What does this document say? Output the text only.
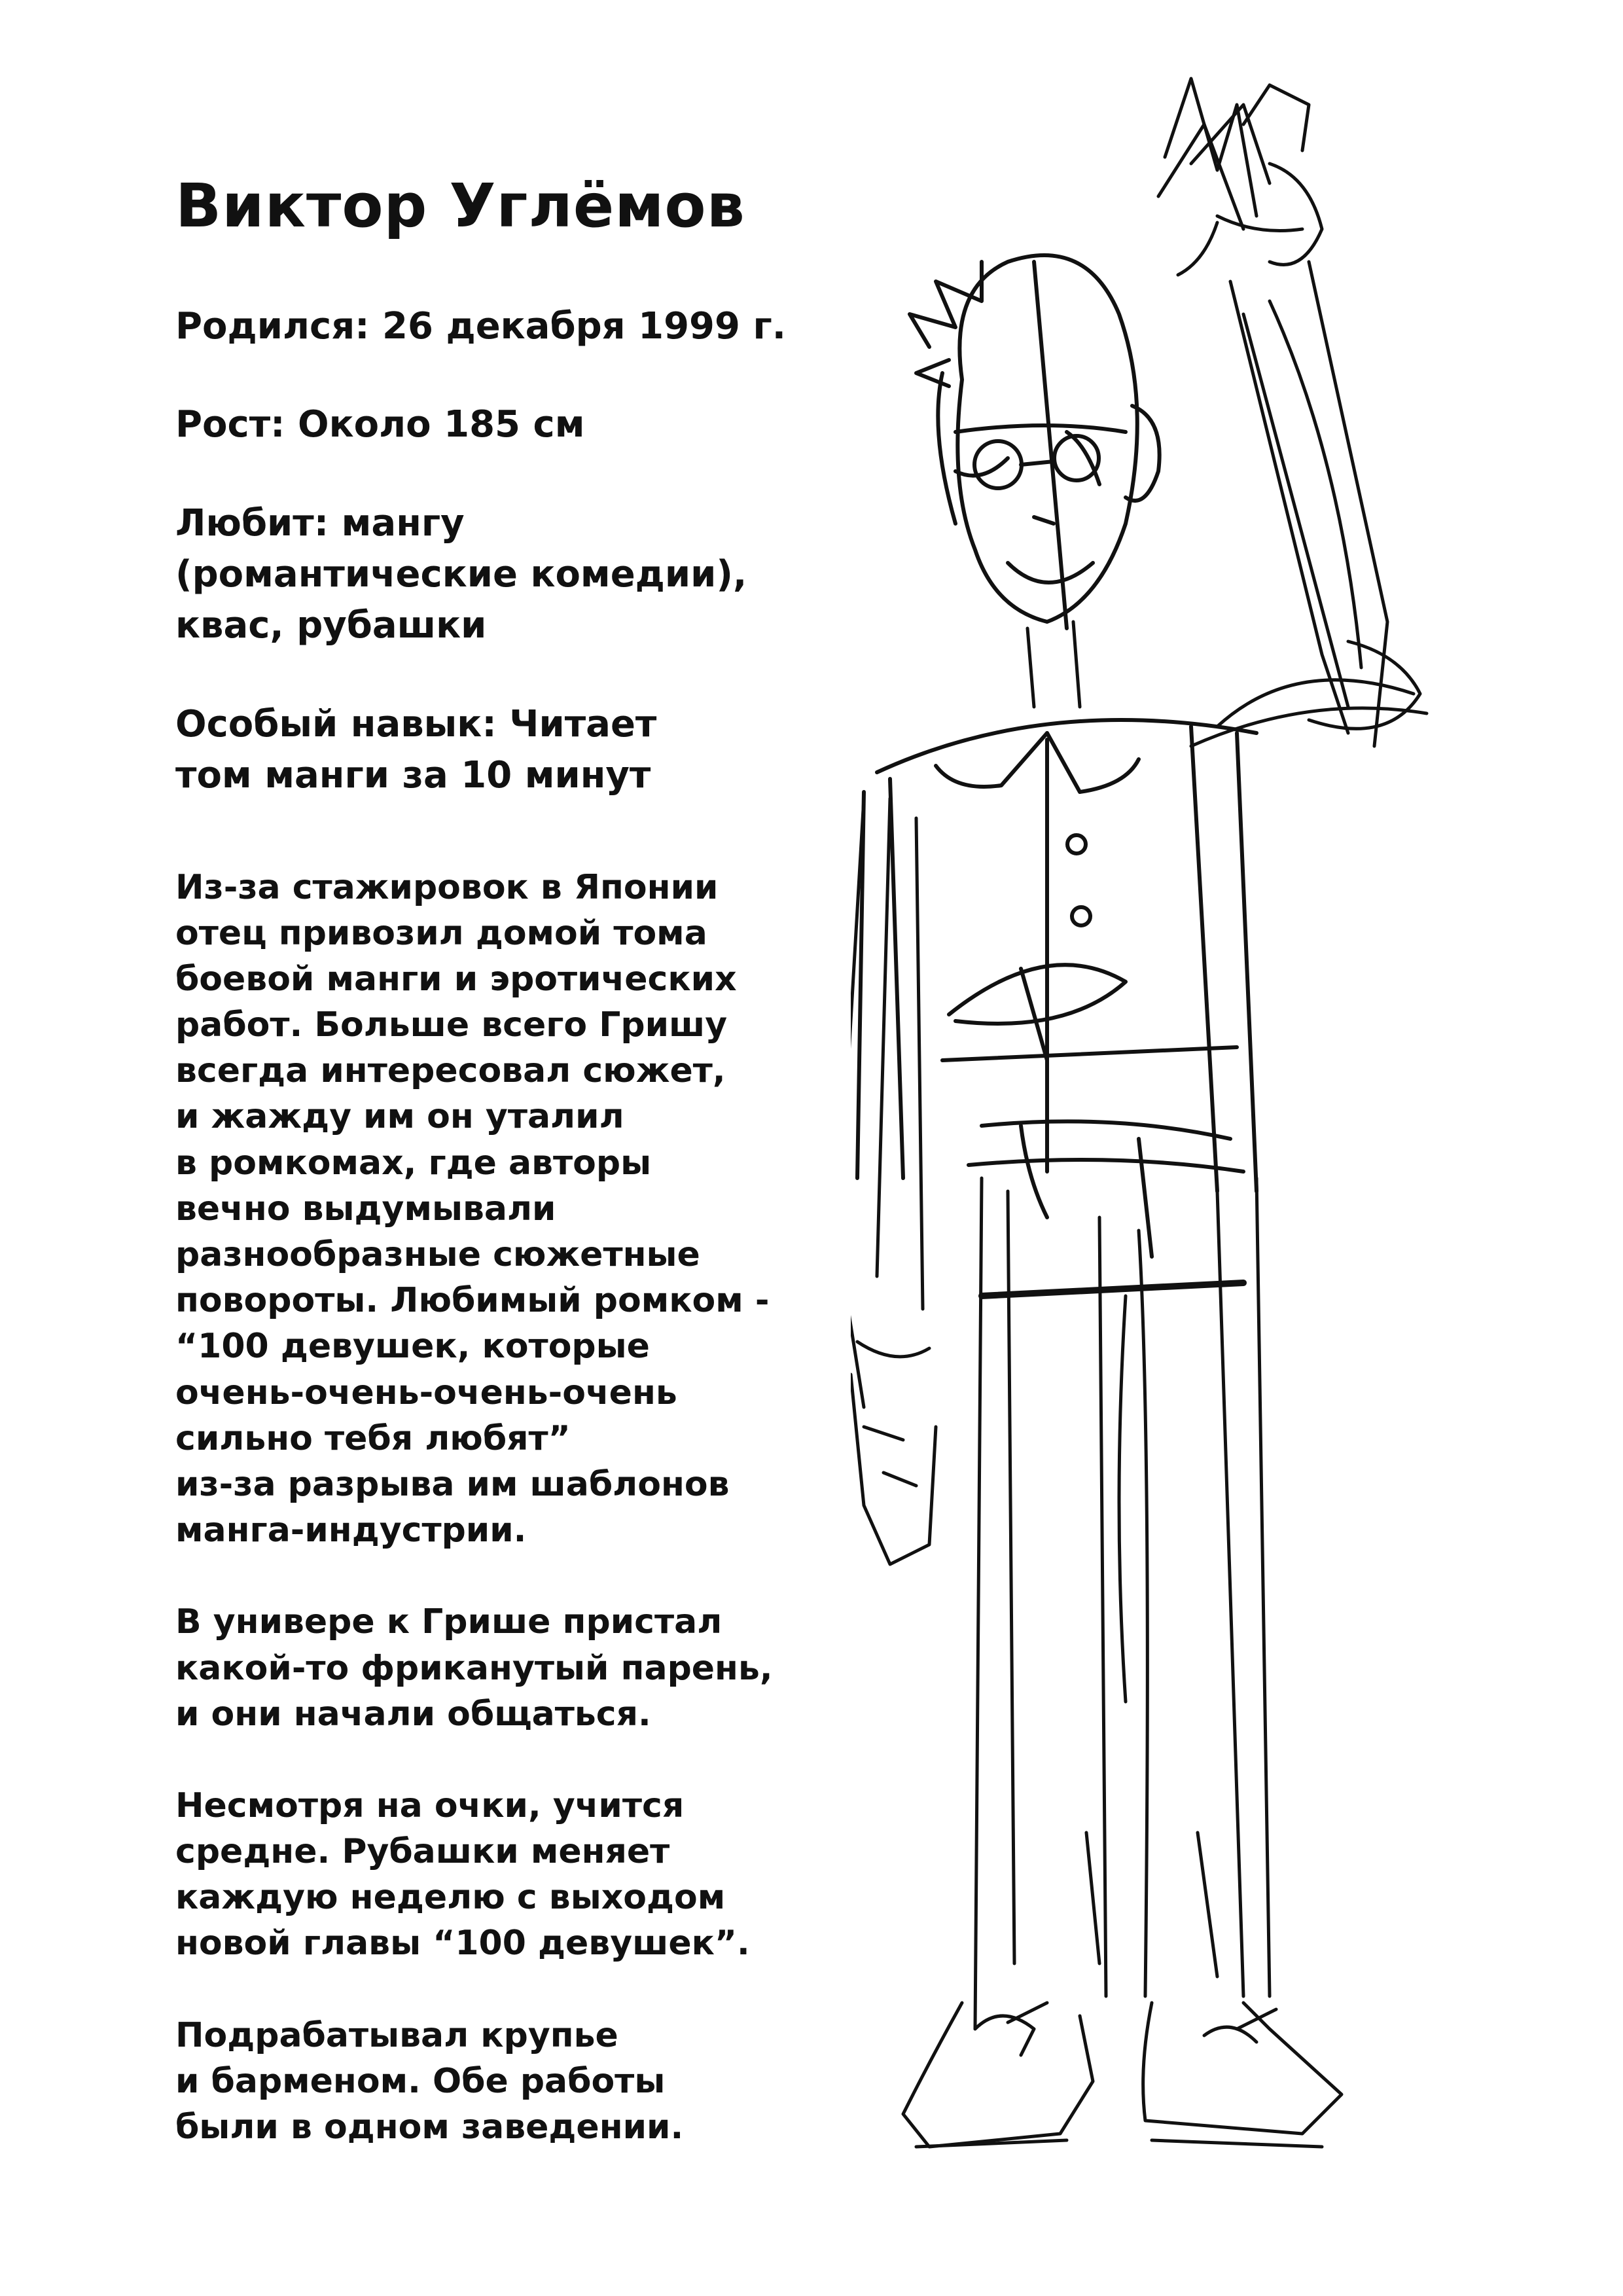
Виктор Углёмов
Родился: 26 декабря 1999 г.
Рост: Около 185 см
Любит: мангу
(романтические комедии),
квас, рубашки
Особый навык: Читает
том манги за 10 минут
Из-за стажировок в Японии
отец привозил домой тома
боевой манги и эротических
работ. Больше всего Гришу
всегда интересовал сюжет,
и жажду им он уталил
в ромкомах, где авторы
вечно выдумывали
разнообразные сюжетные
повороты. Любимый ромком -
“100 девушек, которые
очень-очень-очень-очень
сильно тебя любят”
из-за разрыва им шаблонов
манга-индустрии.
В универе к Грише пристал
какой-то фриканутый парень,
и они начали общаться.
Несмотря на очки, учится
средне. Рубашки меняет
каждую неделю с выходом
новой главы “100 девушек”.
Подрабатывал крупье
и барменом. Обе работы
были в одном заведении.
